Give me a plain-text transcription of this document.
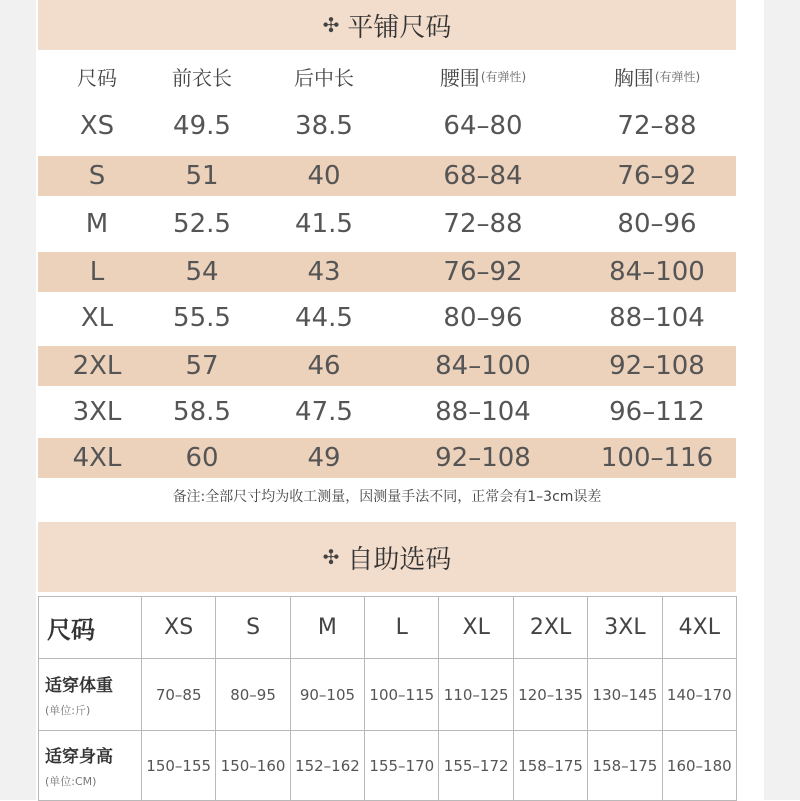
✣ 平铺尺码
尺码	前衣长	后中长	腰围 (有弹性)	胸围 (有弹性)
XS	49.5	38.5	64–80	72–88
S	51	40	68–84	76–92
M	52.5	41.5	72–88	80–96
L	54	43	76–92	84–100
XL	55.5	44.5	80–96	88–104
2XL	57	46	84–100	92–108
3XL	58.5	47.5	88–104	96–112
4XL	60	49	92–108	100–116
备注:全部尺寸均为收工测量，因测量手法不同，正常会有1–3cm误差
✣ 自助选码
尺码	XS	S	M	L	XL	2XL	3XL	4XL
适穿体重
(单位:斤)
70–85	80–95	90–105 100–115 110–125 120–135 130–145 140–170
适穿身高
(单位:CM)
150–155 150–160 152–162 155–170 155–172 158–175 158–175 160–180
